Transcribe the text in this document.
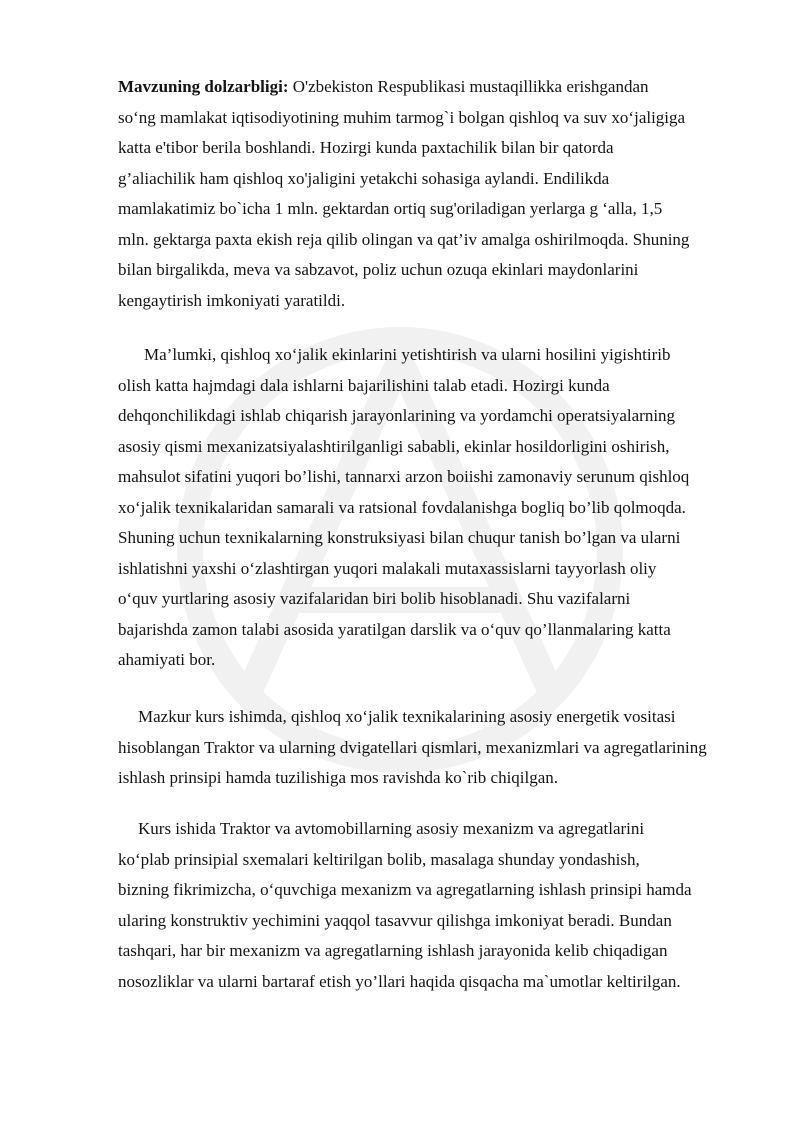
Mavzuning dolzarbligi: O'zbekiston Respublikasi mustaqillikka erishgandan
so‘ng mamlakat iqtisodiyotining muhim tarmog`i bolgan qishloq va suv xo‘jaligiga
katta e'tibor berila boshlandi. Hozirgi kunda paxtachilik bilan bir qatorda
g’aliachilik ham qishloq xo'jaligini yetakchi sohasiga aylandi. Endilikda
mamlakatimiz bo`icha 1 mln. gektardan ortiq sug'oriladigan yerlarga g ‘alla, 1,5
mln. gektarga paxta ekish reja qilib olingan va qat’iv amalga oshirilmoqda. Shuning
bilan birgalikda, meva va sabzavot, poliz uchun ozuqa ekinlari maydonlarini
kengaytirish imkoniyati yaratildi.
Ma’lumki, qishloq xo‘jalik ekinlarini yetishtirish va ularni hosilini yigishtirib
olish katta hajmdagi dala ishlarni bajarilishini talab etadi. Hozirgi kunda
dehqonchilikdagi ishlab chiqarish jarayonlarining va yordamchi operatsiyalarning
asosiy qismi mexanizatsiyalashtirilganligi sababli, ekinlar hosildorligini oshirish,
mahsulot sifatini yuqori bo’lishi, tannarxi arzon boiishi zamonaviy serunum qishloq
xo‘jalik texnikalaridan samarali va ratsional fovdalanishga bogliq bo’lib qolmoqda.
Shuning uchun texnikalarning konstruksiyasi bilan chuqur tanish bo’lgan va ularni
ishlatishni yaxshi o‘zlashtirgan yuqori malakali mutaxassislarni tayyorlash oliy
o‘quv yurtlaring asosiy vazifalaridan biri bolib hisoblanadi. Shu vazifalarni
bajarishda zamon talabi asosida yaratilgan darslik va o‘quv qo’llanmalaring katta
ahamiyati bor.
Mazkur kurs ishimda, qishloq xo‘jalik texnikalarining asosiy energetik vositasi
hisoblangan Traktor va ularning dvigatellari qismlari, mexanizmlari va agregatlarining
ishlash prinsipi hamda tuzilishiga mos ravishda ko`rib chiqilgan.
Kurs ishida Traktor va avtomobillarning asosiy mexanizm va agregatlarini
ko‘plab prinsipial sxemalari keltirilgan bolib, masalaga shunday yondashish,
bizning fikrimizcha, o‘quvchiga mexanizm va agregatlarning ishlash prinsipi hamda
ularing konstruktiv yechimini yaqqol tasavvur qilishga imkoniyat beradi. Bundan
tashqari, har bir mexanizm va agregatlarning ishlash jarayonida kelib chiqadigan
nosozliklar va ularni bartaraf etish yo’llari haqida qisqacha ma`umotlar keltirilgan.
